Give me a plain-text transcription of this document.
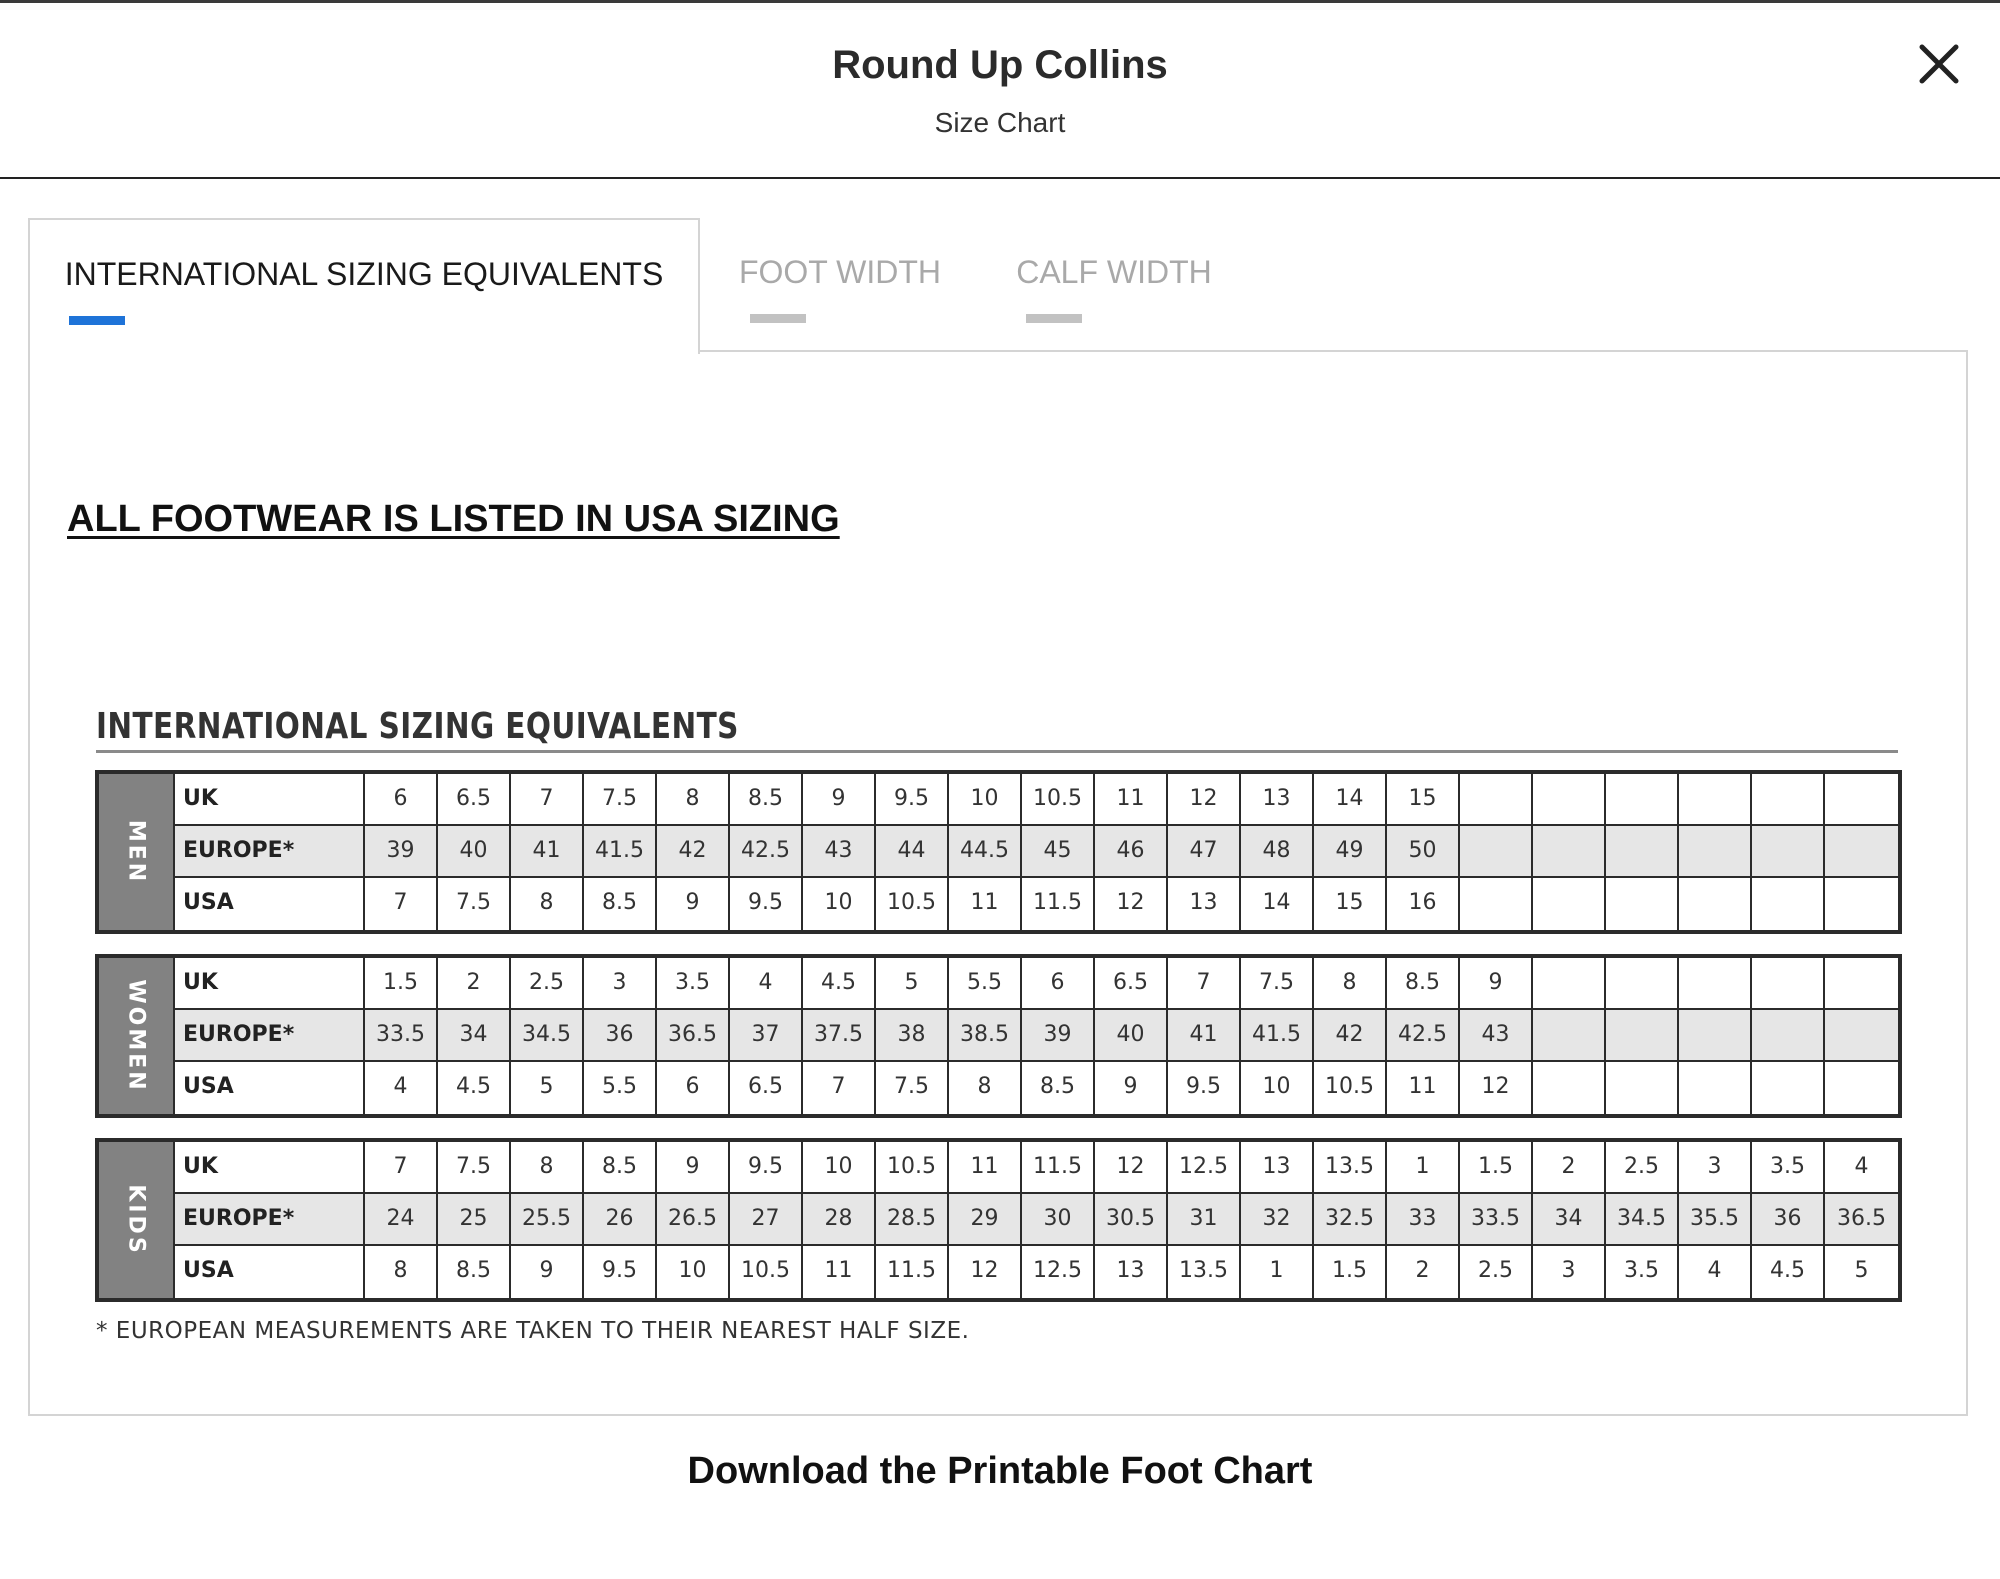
Round Up Collins
Size Chart
INTERNATIONAL SIZING EQUIVALENTS	FOOT WIDTH	CALF WIDTH
ALL FOOTWEAR IS LISTED IN USA SIZING
INTERNATIONAL SIZING EQUIVALENTS
MEN
UK	6	6.5	7	7.5	8	8.5	9	9.5	10	10.5	11	12	13	14	15
EUROPE*	39	40	41	41.5	42	42.5	43	44	44.5	45	46	47	48	49	50
USA	7	7.5	8	8.5	9	9.5	10	10.5	11	11.5	12	13	14	15	16
WOMEN	UK	1.5	2	2.5	3	3.5	4	4.5	5	5.5	6	6.5	7	7.5	8	8.5	9
EUROPE*	33.5	34	34.5	36	36.5	37	37.5	38	38.5	39	40	41	41.5	42	42.5	43
USA	4	4.5	5	5.5	6	6.5	7	7.5	8	8.5	9	9.5	10	10.5	11	12
KIDS
UK	7	7.5	8	8.5	9	9.5	10	10.5	11	11.5	12	12.5	13	13.5	1	1.5	2	2.5	3	3.5	4
EUROPE*	24	25	25.5	26	26.5	27	28	28.5	29	30	30.5	31	32	32.5	33	33.5	34	34.5	35.5	36	36.5
USA	8	8.5	9	9.5	10	10.5	11	11.5	12	12.5	13	13.5	1	1.5	2	2.5	3	3.5	4	4.5	5
* EUROPEAN MEASUREMENTS ARE TAKEN TO THEIR NEAREST HALF SIZE.
Download the Printable Foot Chart
